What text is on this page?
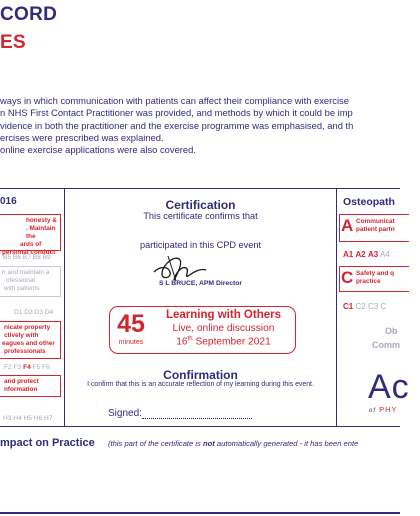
CORD
ES
ways in which communication with patients can affect their compliance with exercise
n NHS First Contact Practitioner was provided, and methods by which it could be imp
vidence in both the practitioner and the exercise programme was emphasised, and th
ercises were prescribed was explained.
online exercise applications were also covered.
016
honesty &
. Maintain the
ards of
personal conduct
B5 B6 B7 B8 B9
n and maintain a
ofessional
with patients
D1 D2 D3 D4
nicate property
ctively with
eagues and other
professionals
F2 F3 F4 F5 F6
and protect
nformation
H3 H4 H5 H6 H7
Certification
This certificate confirms that
participated in this CPD event
S L BRUCE, APM Director
45
minutes
Learning with Others
Live, online discussion
16th September 2021
Confirmation
I confirm that this is an accurate reflection of my learning during this event.
Signed:
Osteopath
A Communicat
patient partn
A1 A2 A3 A4
C Safety and q
practice
C1 C2 C3 C
Ob
Comm
Ac
of PHY
mpact on Practice (this part of the certificate is not automatically generated - it has been ente
